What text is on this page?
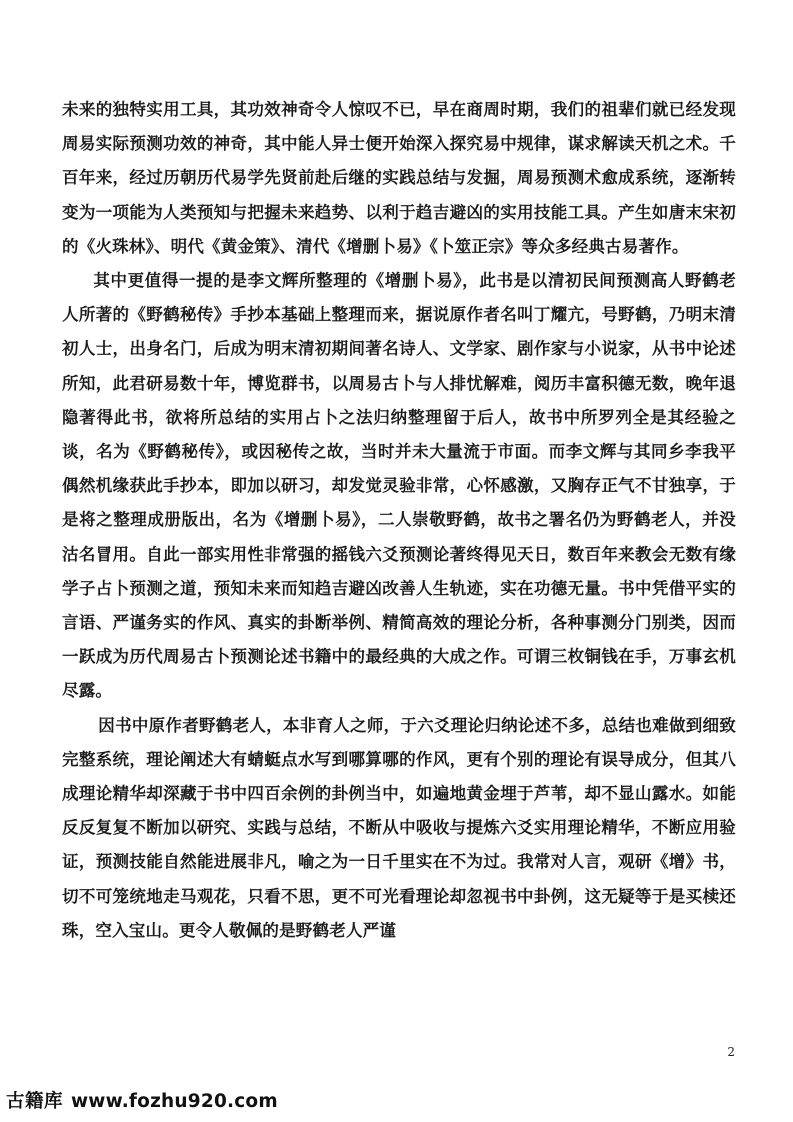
未来的独特实用工具，其功效神奇令人惊叹不已，早在商周时期，我们的祖辈们就已经发现周易实际预测功效的神奇，其中能人异士便开始深入探究易中规律，谋求解读天机之术。千百年来，经过历朝历代易学先贤前赴后继的实践总结与发掘，周易预测术愈成系统，逐渐转变为一项能为人类预知与把握未来趋势、以利于趋吉避凶的实用技能工具。产生如唐末宋初的《火珠林》、明代《黄金策》、清代《增删卜易》《卜筮正宗》等众多经典古易著作。

其中更值得一提的是李文辉所整理的《增删卜易》，此书是以清初民间预测高人野鹤老人所著的《野鹤秘传》手抄本基础上整理而来，据说原作者名叫丁耀亢，号野鹤，乃明末清初人士，出身名门，后成为明末清初期间著名诗人、文学家、剧作家与小说家，从书中论述所知，此君研易数十年，博览群书，以周易古卜与人排忧解难，阅历丰富积德无数，晚年退隐著得此书，欲将所总结的实用占卜之法归纳整理留于后人，故书中所罗列全是其经验之谈，名为《野鹤秘传》，或因秘传之故，当时并未大量流于市面。而李文辉与其同乡李我平偶然机缘获此手抄本，即加以研习，却发觉灵验非常，心怀感激，又胸存正气不甘独享，于是将之整理成册版出，名为《增删卜易》，二人崇敬野鹤，故书之署名仍为野鹤老人，并没沽名冒用。自此一部实用性非常强的摇钱六爻预测论著终得见天日，数百年来教会无数有缘学子占卜预测之道，预知未来而知趋吉避凶改善人生轨迹，实在功德无量。书中凭借平实的言语、严谨务实的作风、真实的卦断举例、精简高效的理论分析，各种事测分门别类，因而一跃成为历代周易古卜预测论述书籍中的最经典的大成之作。可谓三枚铜钱在手，万事玄机尽露。

因书中原作者野鹤老人，本非育人之师，于六爻理论归纳论述不多，总结也难做到细致完整系统，理论阐述大有蜻蜓点水写到哪算哪的作风，更有个别的理论有误导成分，但其八成理论精华却深藏于书中四百余例的卦例当中，如遍地黄金埋于芦苇，却不显山露水。如能反反复复不断加以研究、实践与总结，不断从中吸收与提炼六爻实用理论精华，不断应用验证，预测技能自然能进展非凡，喻之为一日千里实在不为过。我常对人言，观研《增》书，切不可笼统地走马观花，只看不思，更不可光看理论却忽视书中卦例，这无疑等于是买椟还珠，空入宝山。更令人敬佩的是野鹤老人严谨

2
古籍库 www.fozhu920.com
